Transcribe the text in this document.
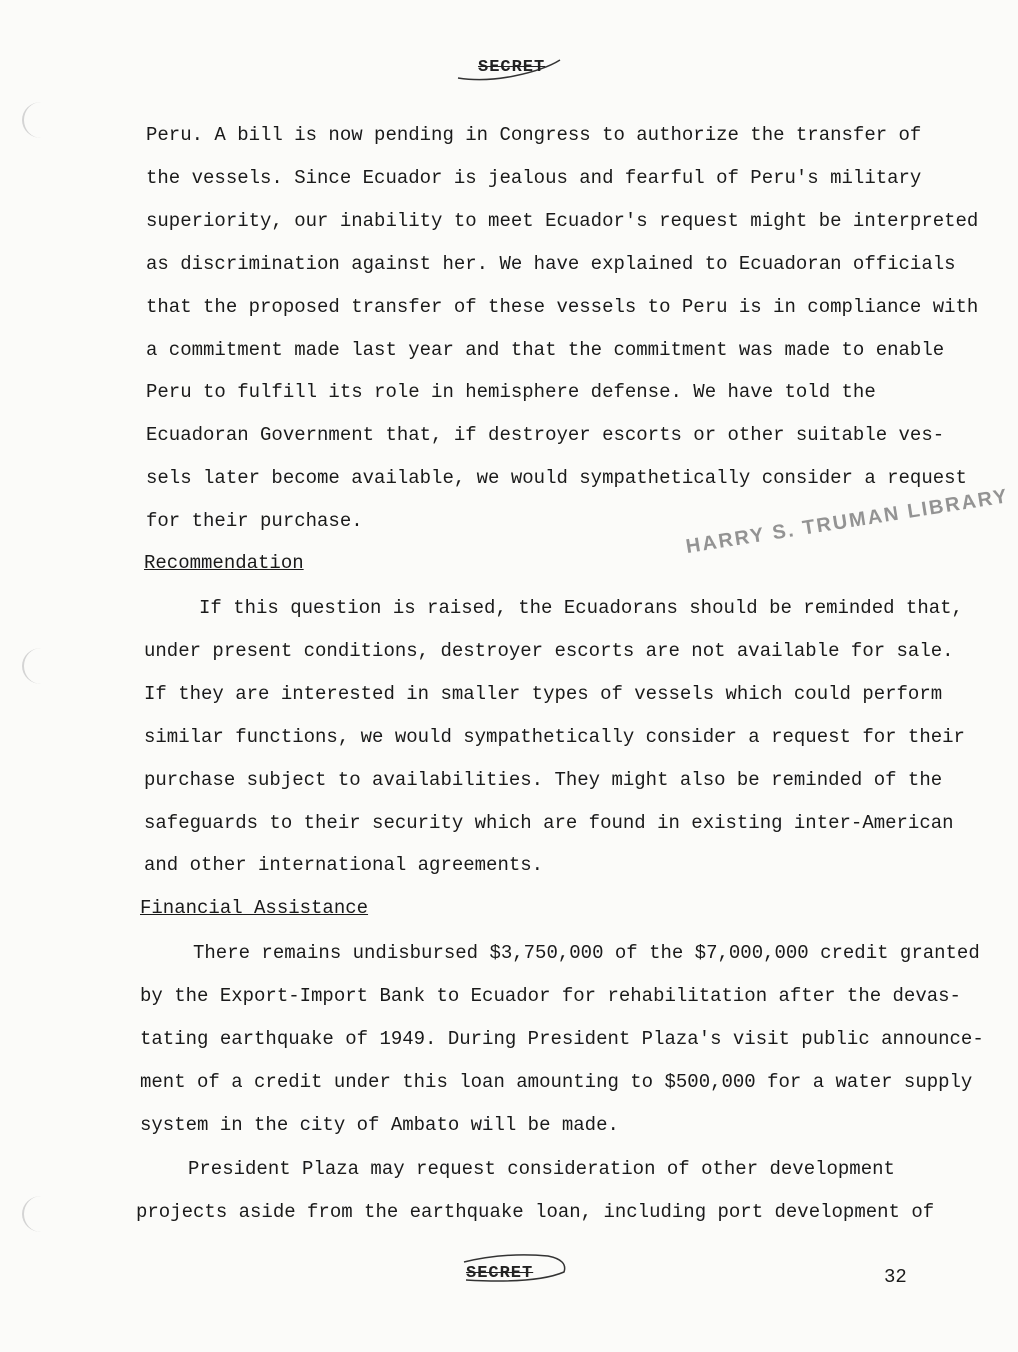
SECRET
Peru. A bill is now pending in Congress to authorize the transfer of
the vessels. Since Ecuador is jealous and fearful of Peru's military
superiority, our inability to meet Ecuador's request might be interpreted
as discrimination against her. We have explained to Ecuadoran officials
that the proposed transfer of these vessels to Peru is in compliance with
a commitment made last year and that the commitment was made to enable
Peru to fulfill its role in hemisphere defense. We have told the
Ecuadoran Government that, if destroyer escorts or other suitable ves-
sels later become available, we would sympathetically consider a request
for their purchase.
Recommendation
HARRY S. TRUMAN LIBRARY
If this question is raised, the Ecuadorans should be reminded that,
under present conditions, destroyer escorts are not available for sale.
If they are interested in smaller types of vessels which could perform
similar functions, we would sympathetically consider a request for their
purchase subject to availabilities. They might also be reminded of the
safeguards to their security which are found in existing inter-American
and other international agreements.
Financial Assistance
There remains undisbursed $3,750,000 of the $7,000,000 credit granted
by the Export-Import Bank to Ecuador for rehabilitation after the devas-
tating earthquake of 1949. During President Plaza's visit public announce-
ment of a credit under this loan amounting to $500,000 for a water supply
system in the city of Ambato will be made.
President Plaza may request consideration of other development
projects aside from the earthquake loan, including port development of
SECRET	32
